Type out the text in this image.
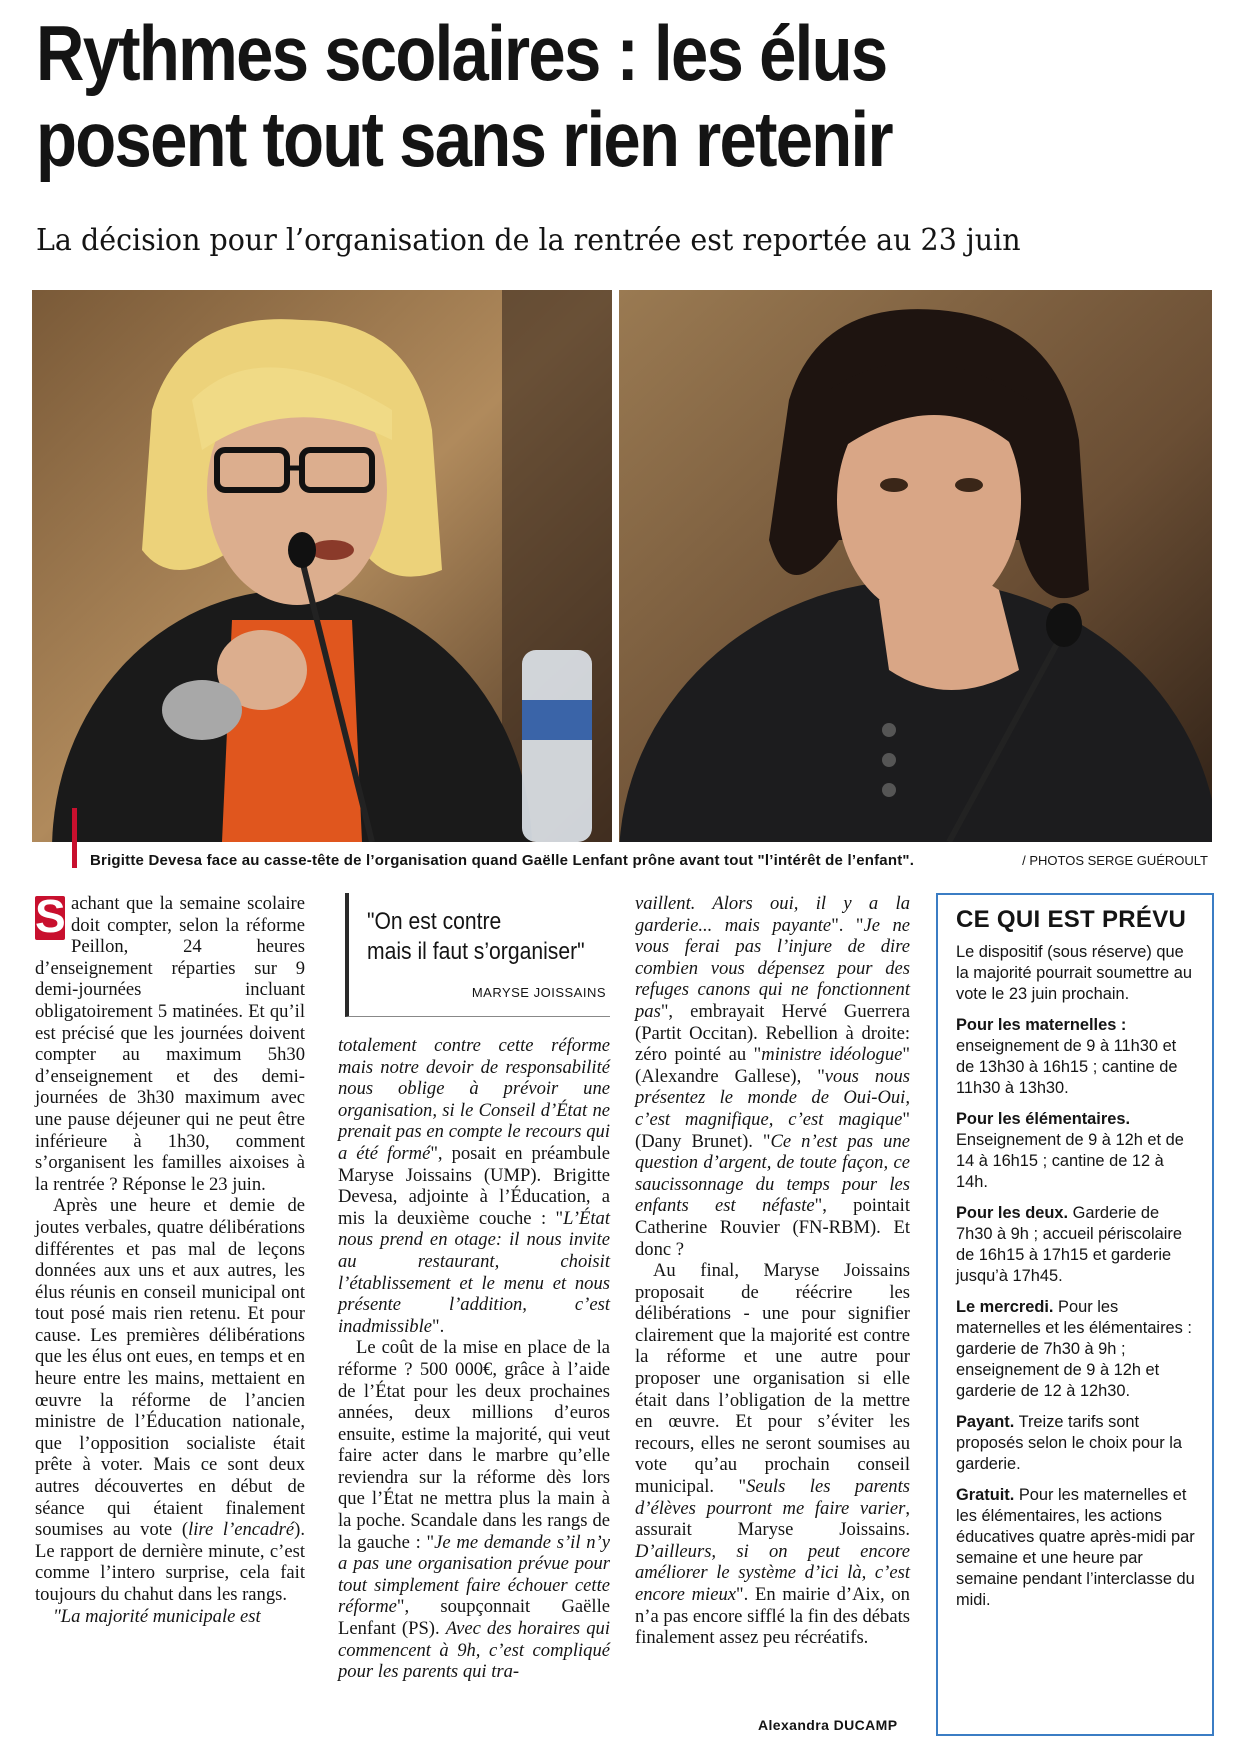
Rythmes scolaires : les élus
posent tout sans rien retenir

La décision pour l’organisation de la rentrée est reportée au 23 juin

Brigitte Devesa face au casse-tête de l’organisation quand Gaëlle Lenfant prône avant tout "l’intérêt de l’enfant".	/ PHOTOS SERGE GUÉROULT

S achant que la semaine scolaire doit compter, selon la réforme Peillon, 24 heures d’enseignement réparties sur 9 demi-journées incluant obligatoirement 5 matinées. Et qu’il est précisé que les journées doivent compter au maximum 5h30 d’enseignement et des demi-journées de 3h30 maximum avec une pause déjeuner qui ne peut être inférieure à 1h30, comment s’organisent les familles aixoises à la rentrée ? Réponse le 23 juin.

Après une heure et demie de joutes verbales, quatre délibérations différentes et pas mal de leçons données aux uns et aux autres, les élus réunis en conseil municipal ont tout posé mais rien retenu. Et pour cause. Les premières délibérations que les élus ont eues, en temps et en heure entre les mains, mettaient en œuvre la réforme de l’ancien ministre de l’Éducation nationale, que l’opposition socialiste était prête à voter. Mais ce sont deux autres découvertes en début de séance qui étaient finalement soumises au vote (lire l’encadré). Le rapport de dernière minute, c’est comme l’intero surprise, cela fait toujours du chahut dans les rangs.

"La majorité municipale est

"On est contre
mais il faut s’organiser"
MARYSE JOISSAINS

totalement contre cette réforme mais notre devoir de responsabilité nous oblige à prévoir une organisation, si le Conseil d’État ne prenait pas en compte le recours qui a été formé", posait en préambule Maryse Joissains (UMP). Brigitte Devesa, adjointe à l’Éducation, a mis la deuxième couche : "L’État nous prend en otage: il nous invite au restaurant, choisit l’établissement et le menu et nous présente l’addition, c’est inadmissible".

Le coût de la mise en place de la réforme ? 500 000€, grâce à l’aide de l’État pour les deux prochaines années, deux millions d’euros ensuite, estime la majorité, qui veut faire acter dans le marbre qu’elle reviendra sur la réforme dès lors que l’État ne mettra plus la main à la poche. Scandale dans les rangs de la gauche : "Je me demande s’il n’y a pas une organisation prévue pour tout simplement faire échouer cette réforme", soupçonnait Gaëlle Lenfant (PS). Avec des horaires qui commencent à 9h, c’est compliqué pour les parents qui tra-

vaillent. Alors oui, il y a la garderie... mais payante". "Je ne vous ferai pas l’injure de dire combien vous dépensez pour des refuges canons qui ne fonctionnent pas", embrayait Hervé Guerrera (Partit Occitan). Rebellion à droite: zéro pointé au "ministre idéologue" (Alexandre Gallese), "vous nous présentez le monde de Oui-Oui, c’est magnifique, c’est magique" (Dany Brunet). "Ce n’est pas une question d’argent, de toute façon, ce saucissonnage du temps pour les enfants est néfaste", pointait Catherine Rouvier (FN-RBM). Et donc ?

Au final, Maryse Joissains proposait de réécrire les délibérations - une pour signifier clairement que la majorité est contre la réforme et une autre pour proposer une organisation si elle était dans l’obligation de la mettre en œuvre. Et pour s’éviter les recours, elles ne seront soumises au vote qu’au prochain conseil municipal. "Seuls les parents d’élèves pourront me faire varier, assurait Maryse Joissains. D’ailleurs, si on peut encore améliorer le système d’ici là, c’est encore mieux". En mairie d’Aix, on n’a pas encore sifflé la fin des débats finalement assez peu récréatifs.

Alexandra DUCAMP
CE QUI EST PRÉVU
Le dispositif (sous réserve) que la majorité pourrait soumettre au vote le 23 juin prochain.
Pour les maternelles : enseignement de 9 à 11h30 et de 13h30 à 16h15 ; cantine de 11h30 à 13h30.
Pour les élémentaires. Enseignement de 9 à 12h et de 14 à 16h15 ; cantine de 12 à 14h.
Pour les deux. Garderie de 7h30 à 9h ; accueil périscolaire de 16h15 à 17h15 et garderie jusqu’à 17h45.
Le mercredi. Pour les maternelles et les élémentaires : garderie de 7h30 à 9h ; enseignement de 9 à 12h et garderie de 12 à 12h30.
Payant. Treize tarifs sont proposés selon le choix pour la garderie.
Gratuit. Pour les maternelles et les élémentaires, les actions éducatives quatre après-midi par semaine et une heure par semaine pendant l’interclasse du midi.
